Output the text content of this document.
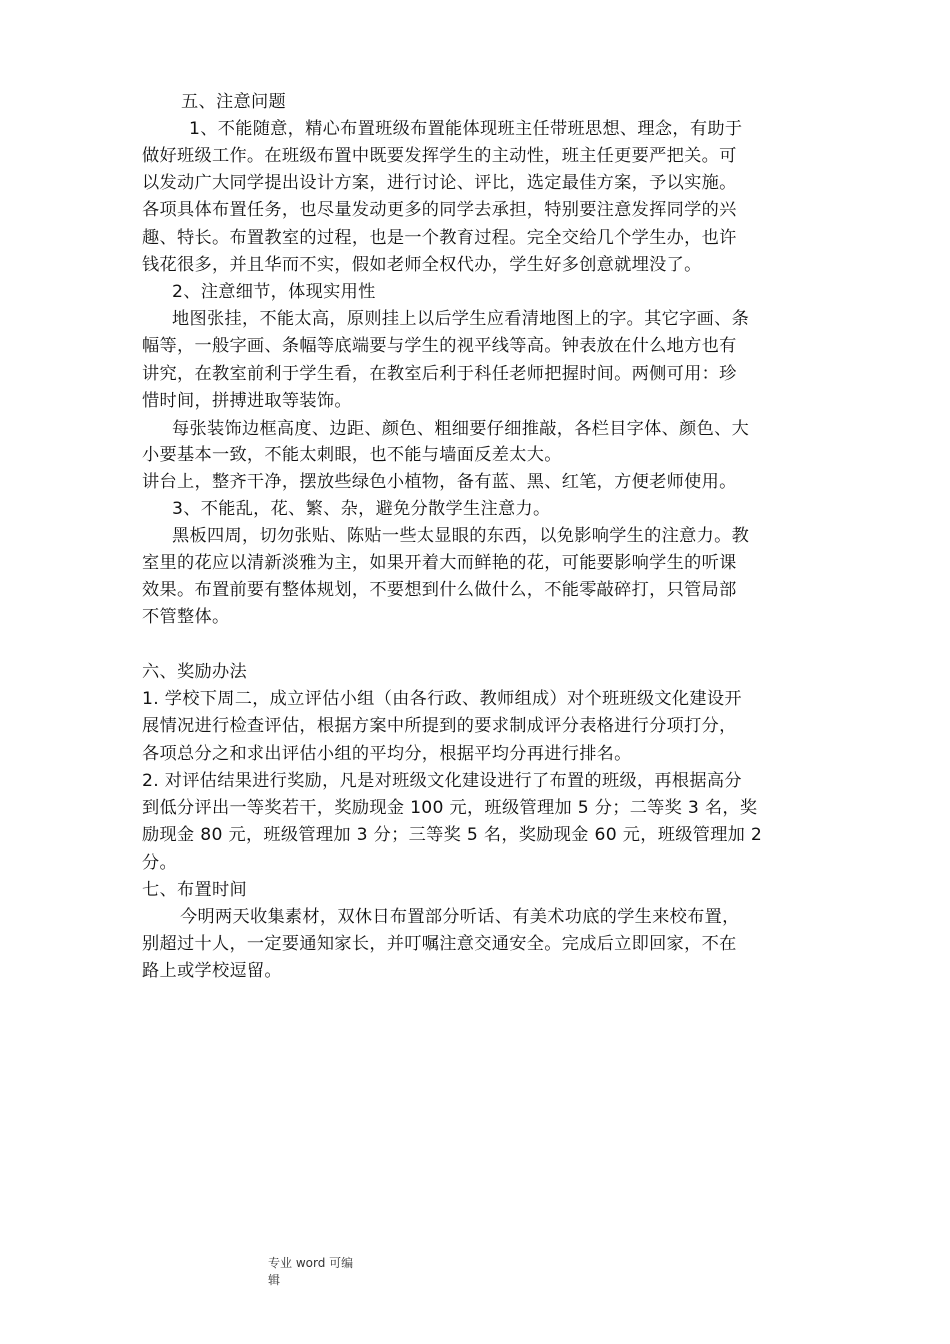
五、注意问题
1、不能随意，精心布置班级布置能体现班主任带班思想、理念，有助于
做好班级工作。在班级布置中既要发挥学生的主动性，班主任更要严把关。可
以发动广大同学提出设计方案，进行讨论、评比，选定最佳方案，予以实施。
各项具体布置任务，也尽量发动更多的同学去承担，特别要注意发挥同学的兴
趣、特长。布置教室的过程，也是一个教育过程。完全交给几个学生办，也许
钱花很多，并且华而不实，假如老师全权代办，学生好多创意就埋没了。
2、注意细节，体现实用性
地图张挂，不能太高，原则挂上以后学生应看清地图上的字。其它字画、条
幅等，一般字画、条幅等底端要与学生的视平线等高。钟表放在什么地方也有
讲究，在教室前利于学生看，在教室后利于科任老师把握时间。两侧可用：珍
惜时间，拼搏进取等装饰。
每张装饰边框高度、边距、颜色、粗细要仔细推敲，各栏目字体、颜色、大
小要基本一致，不能太刺眼，也不能与墙面反差太大。
讲台上，整齐干净，摆放些绿色小植物，备有蓝、黑、红笔，方便老师使用。
3、不能乱，花、繁、杂，避免分散学生注意力。
黑板四周，切勿张贴、陈贴一些太显眼的东西，以免影响学生的注意力。教
室里的花应以清新淡雅为主，如果开着大而鲜艳的花，可能要影响学生的听课
效果。布置前要有整体规划，不要想到什么做什么，不能零敲碎打，只管局部
不管整体。
六、奖励办法
1. 学校下周二，成立评估小组（由各行政、教师组成）对个班班级文化建设开
展情况进行检查评估，根据方案中所提到的要求制成评分表格进行分项打分，
各项总分之和求出评估小组的平均分，根据平均分再进行排名。
2. 对评估结果进行奖励，凡是对班级文化建设进行了布置的班级，再根据高分
到低分评出一等奖若干，奖励现金 100 元，班级管理加 5 分；二等奖 3 名，奖
励现金 80 元，班级管理加 3 分；三等奖 5 名，奖励现金 60 元，班级管理加 2
分。
七、布置时间
今明两天收集素材，双休日布置部分听话、有美术功底的学生来校布置，
别超过十人，一定要通知家长，并叮嘱注意交通安全。完成后立即回家，不在
路上或学校逗留。
专业 word 可编
辑
